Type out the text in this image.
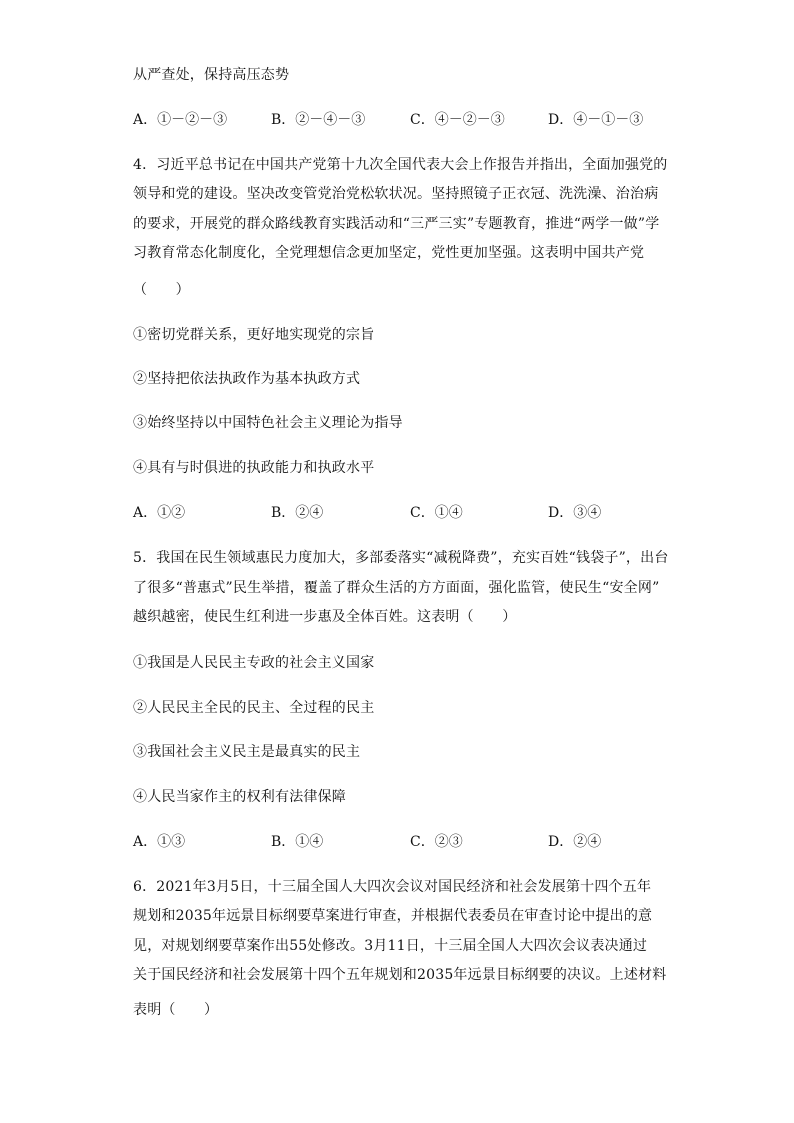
从严查处，保持高压态势
A．①－②－③	B．②－④－③	C．④－②－③	D．④－①－③
4．习近平总书记在中国共产党第十九次全国代表大会上作报告并指出，全面加强党的
领导和党的建设。坚决改变管党治党松软状况。坚持照镜子正衣冠、洗洗澡、治治病
的要求，开展党的群众路线教育实践活动和“三严三实”专题教育，推进“两学一做”学
习教育常态化制度化，全党理想信念更加坚定，党性更加坚强。这表明中国共产党
（　　）
①密切党群关系，更好地实现党的宗旨
②坚持把依法执政作为基本执政方式
③始终坚持以中国特色社会主义理论为指导
④具有与时俱进的执政能力和执政水平
A．①②	B．②④	C．①④	D．③④
5．我国在民生领域惠民力度加大，多部委落实“减税降费”，充实百姓“钱袋子”，出台
了很多“普惠式”民生举措，覆盖了群众生活的方方面面，强化监管，使民生“安全网”
越织越密，使民生红利进一步惠及全体百姓。这表明（　　）
①我国是人民民主专政的社会主义国家
②人民民主全民的民主、全过程的民主
③我国社会主义民主是最真实的民主
④人民当家作主的权利有法律保障
A．①③	B．①④	C．②③	D．②④
6．2021年3月5日，十三届全国人大四次会议对国民经济和社会发展第十四个五年
规划和2035年远景目标纲要草案进行审查，并根据代表委员在审查讨论中提出的意
见，对规划纲要草案作出55处修改。3月11日，十三届全国人大四次会议表决通过
关于国民经济和社会发展第十四个五年规划和2035年远景目标纲要的决议。上述材料
表明（　　）
